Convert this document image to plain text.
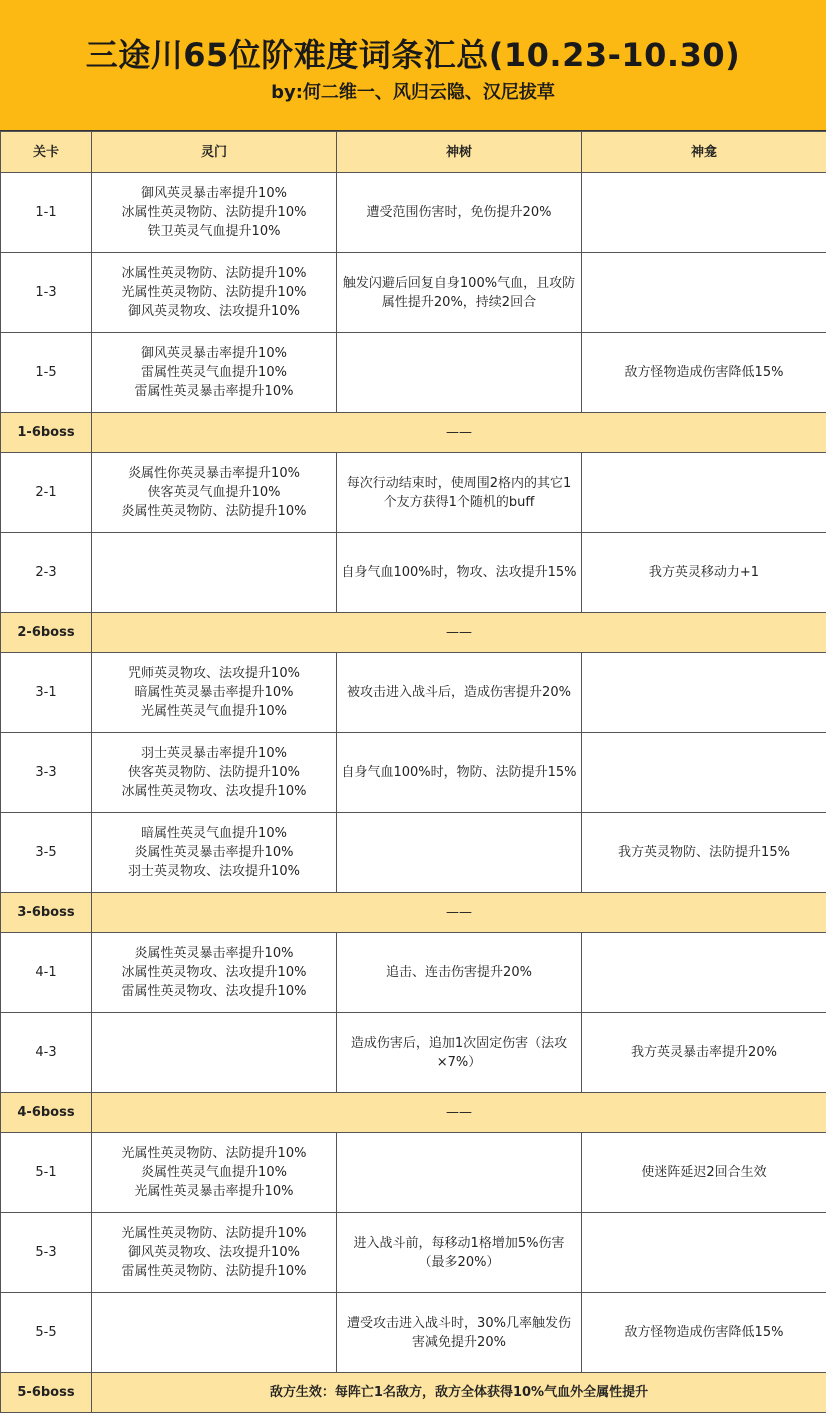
三途川65位阶难度词条汇总(10.23-10.30)
by:何二维一、风归云隐、汉尼拔草
关卡	灵门	神树	神龛
1-1	御风英灵暴击率提升10%
冰属性英灵物防、法防提升10%
铁卫英灵气血提升10%	遭受范围伤害时，免伤提升20%	
1-3	冰属性英灵物防、法防提升10%
光属性英灵物防、法防提升10%
御风英灵物攻、法攻提升10%	触发闪避后回复自身100%气血，且攻防属性提升20%，持续2回合	
1-5	御风英灵暴击率提升10%
雷属性英灵气血提升10%
雷属性英灵暴击率提升10%		敌方怪物造成伤害降低15%
1-6boss	——		
2-1	炎属性你英灵暴击率提升10%
侠客英灵气血提升10%
炎属性英灵物防、法防提升10%	每次行动结束时，使周围2格内的其它1个友方获得1个随机的buff	
2-3		自身气血100%时，物攻、法攻提升15%	我方英灵移动力+1
2-6boss	——		
3-1	咒师英灵物攻、法攻提升10%
暗属性英灵暴击率提升10%
光属性英灵气血提升10%	被攻击进入战斗后，造成伤害提升20%	
3-3	羽士英灵暴击率提升10%
侠客英灵物防、法防提升10%
冰属性英灵物攻、法攻提升10%	自身气血100%时，物防、法防提升15%	
3-5	暗属性英灵气血提升10%
炎属性英灵暴击率提升10%
羽士英灵物攻、法攻提升10%		我方英灵物防、法防提升15%
3-6boss	——		
4-1	炎属性英灵暴击率提升10%
冰属性英灵物攻、法攻提升10%
雷属性英灵物攻、法攻提升10%	追击、连击伤害提升20%	
4-3		造成伤害后，追加1次固定伤害（法攻×7%）	我方英灵暴击率提升20%
4-6boss	——		
5-1	光属性英灵物防、法防提升10%
炎属性英灵气血提升10%
光属性英灵暴击率提升10%		使迷阵延迟2回合生效
5-3	光属性英灵物防、法防提升10%
御风英灵物攻、法攻提升10%
雷属性英灵物防、法防提升10%	进入战斗前，每移动1格增加5%伤害（最多20%）	
5-5		遭受攻击进入战斗时，30%几率触发伤害减免提升20%	敌方怪物造成伤害降低15%
5-6boss	敌方生效：每阵亡1名敌方，敌方全体获得10%气血外全属性提升		
